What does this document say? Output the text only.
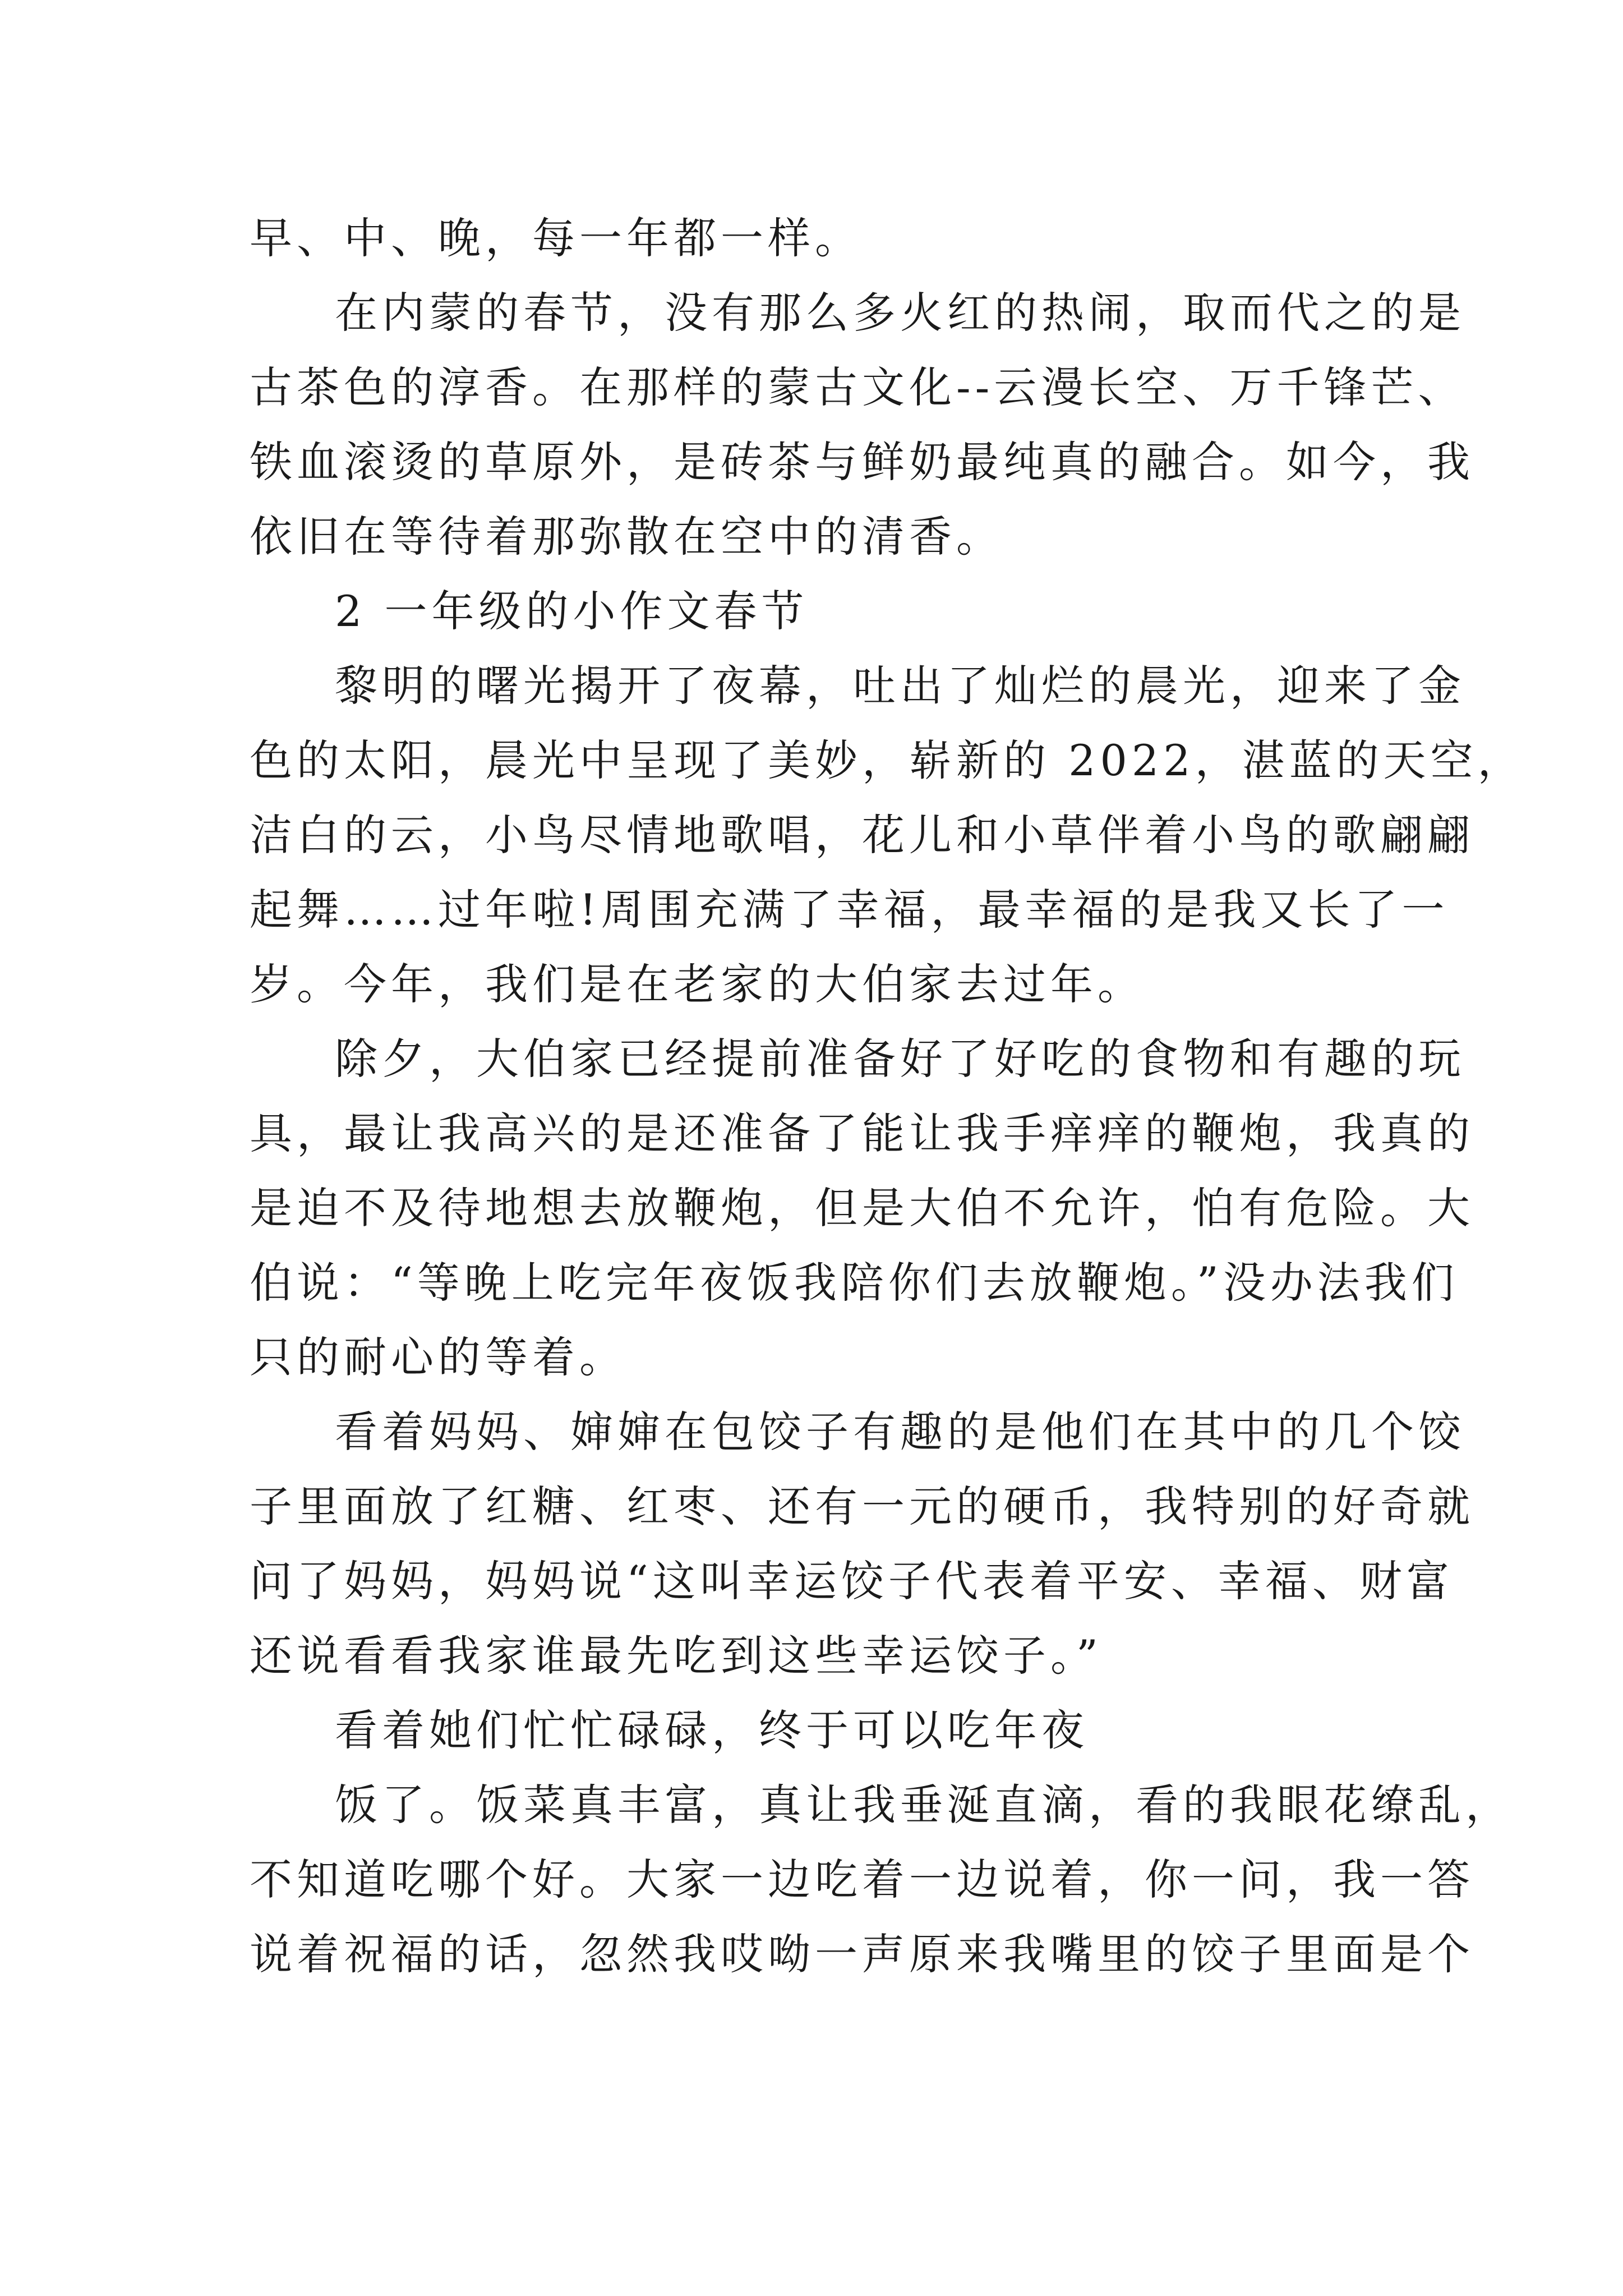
早、中、晚，每一年都一样。
在内蒙的春节，没有那么多火红的热闹，取而代之的是
古茶色的淳香。在那样的蒙古文化--云漫长空、万千锋芒、
铁血滚烫的草原外，是砖茶与鲜奶最纯真的融合。如今，我
依旧在等待着那弥散在空中的清香。
2 一年级的小作文春节
黎明的曙光揭开了夜幕，吐出了灿烂的晨光，迎来了金
色的太阳，晨光中呈现了美妙，崭新的 2022，湛蓝的天空，
洁白的云，小鸟尽情地歌唱，花儿和小草伴着小鸟的歌翩翩
起舞……过年啦!周围充满了幸福，最幸福的是我又长了一
岁。今年，我们是在老家的大伯家去过年。
除夕，大伯家已经提前准备好了好吃的食物和有趣的玩
具，最让我高兴的是还准备了能让我手痒痒的鞭炮，我真的
是迫不及待地想去放鞭炮，但是大伯不允许，怕有危险。大
伯说：“等晚上吃完年夜饭我陪你们去放鞭炮。”没办法我们
只的耐心的等着。
看着妈妈、婶婶在包饺子有趣的是他们在其中的几个饺
子里面放了红糖、红枣、还有一元的硬币，我特别的好奇就
问了妈妈，妈妈说“这叫幸运饺子代表着平安、幸福、财富
还说看看我家谁最先吃到这些幸运饺子。”
看着她们忙忙碌碌，终于可以吃年夜
饭了。饭菜真丰富，真让我垂涎直滴，看的我眼花缭乱，
不知道吃哪个好。大家一边吃着一边说着，你一问，我一答
说着祝福的话，忽然我哎呦一声原来我嘴里的饺子里面是个
